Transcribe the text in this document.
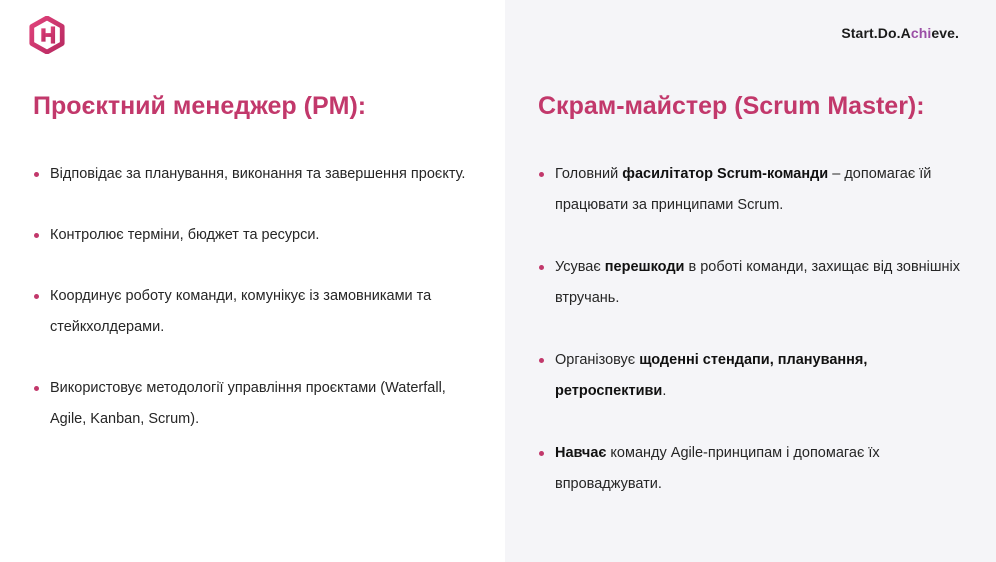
Start.Do.Achieve.
Проєктний менеджер (PM):
Відповідає за планування, виконання та завершення проєкту.
Контролює терміни, бюджет та ресурси.
Координує роботу команди, комунікує із замовниками та стейкхолдерами.
Використовує методології управління проєктами (Waterfall, Agile, Kanban, Scrum).
Скрам-майстер (Scrum Master):
Головний фасилітатор Scrum-команди – допомагає їй працювати за принципами Scrum.
Усуває перешкоди в роботі команди, захищає від зовнішніх втручань.
Організовує щоденні стендапи, планування, ретроспективи.
Навчає команду Agile-принципам і допомагає їх впроваджувати.
